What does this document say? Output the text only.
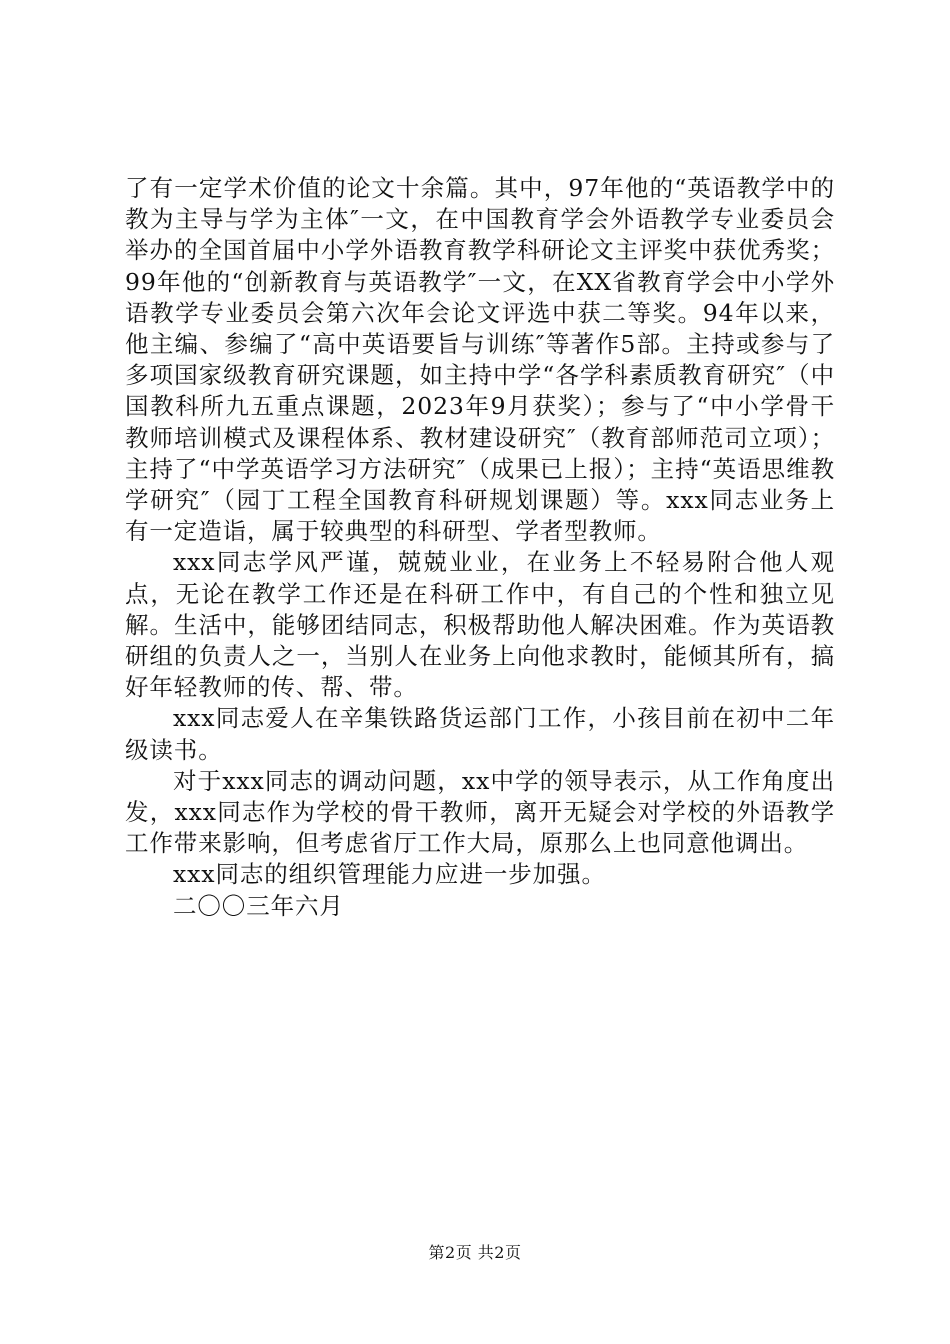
了有一定学术价值的论文十余篇。其中，97年他的“英语教学中的教为主导与学为主体″一文，在中国教育学会外语教学专业委员会举办的全国首届中小学外语教育教学科研论文主评奖中获优秀奖；99年他的“创新教育与英语教学″一文，在XX省教育学会中小学外语教学专业委员会第六次年会论文评选中获二等奖。94年以来，他主编、参编了“高中英语要旨与训练″等著作5部。主持或参与了多项国家级教育研究课题，如主持中学“各学科素质教育研究″（中国教科所九五重点课题，2023年9月获奖）；参与了“中小学骨干教师培训模式及课程体系、教材建设研究″（教育部师范司立项）；主持了“中学英语学习方法研究″（成果已上报）；主持“英语思维教学研究″（园丁工程全国教育科研规划课题）等。xxx同志业务上有一定造诣，属于较典型的科研型、学者型教师。

xxx同志学风严谨，兢兢业业，在业务上不轻易附合他人观点，无论在教学工作还是在科研工作中，有自己的个性和独立见解。生活中，能够团结同志，积极帮助他人解决困难。作为英语教研组的负责人之一，当别人在业务上向他求教时，能倾其所有，搞好年轻教师的传、帮、带。

xxx同志爱人在辛集铁路货运部门工作，小孩目前在初中二年级读书。

对于xxx同志的调动问题，xx中学的领导表示，从工作角度出发，xxx同志作为学校的骨干教师，离开无疑会对学校的外语教学工作带来影响，但考虑省厅工作大局，原那么上也同意他调出。

xxx同志的组织管理能力应进一步加强。

二〇〇三年六月

第2页 共2页
